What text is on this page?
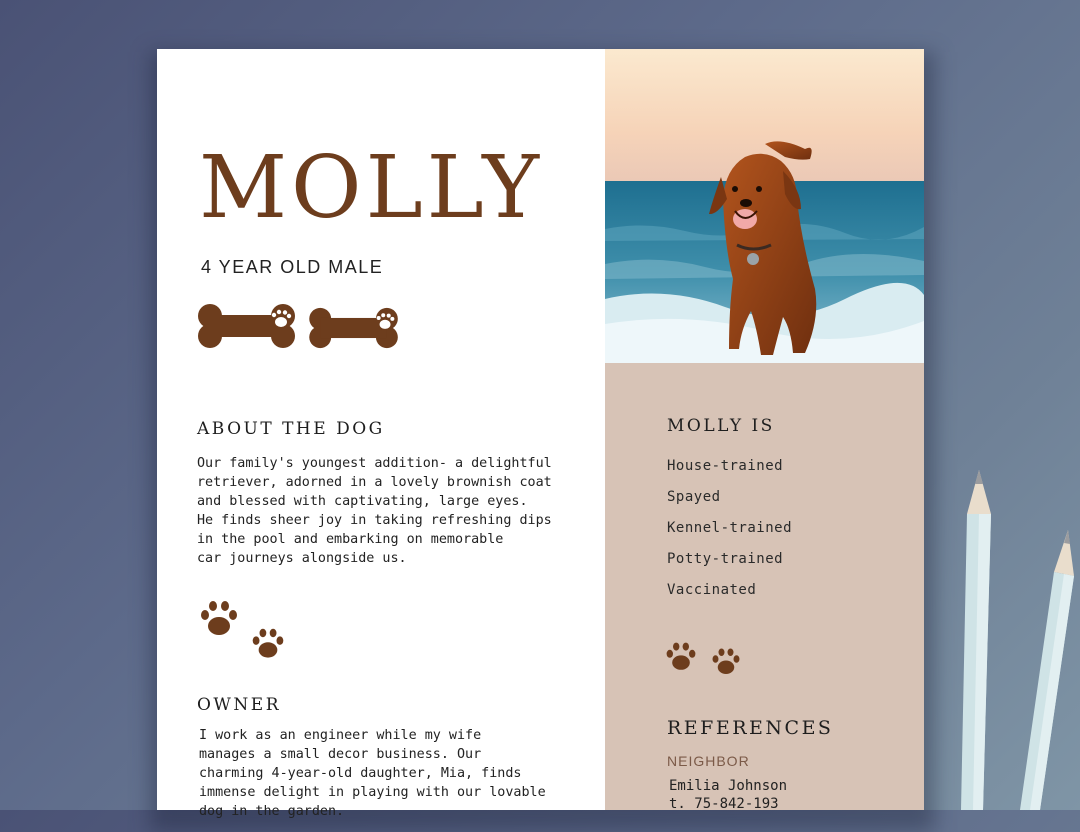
MOLLY

4 YEAR OLD MALE

ABOUT THE DOG

Our family's youngest addition- a delightful
retriever, adorned in a lovely brownish coat
and blessed with captivating, large eyes.
He finds sheer joy in taking refreshing dips
in the pool and embarking on memorable
car journeys alongside us.

OWNER

I work as an engineer while my wife
manages a small decor business. Our
charming 4-year-old daughter, Mia, finds
immense delight in playing with our lovable
dog in the garden.

MOLLY IS
House-trained
Spayed
Kennel-trained
Potty-trained
Vaccinated
REFERENCES

NEIGHBOR

Emilia Johnson

t. 75-842-193
